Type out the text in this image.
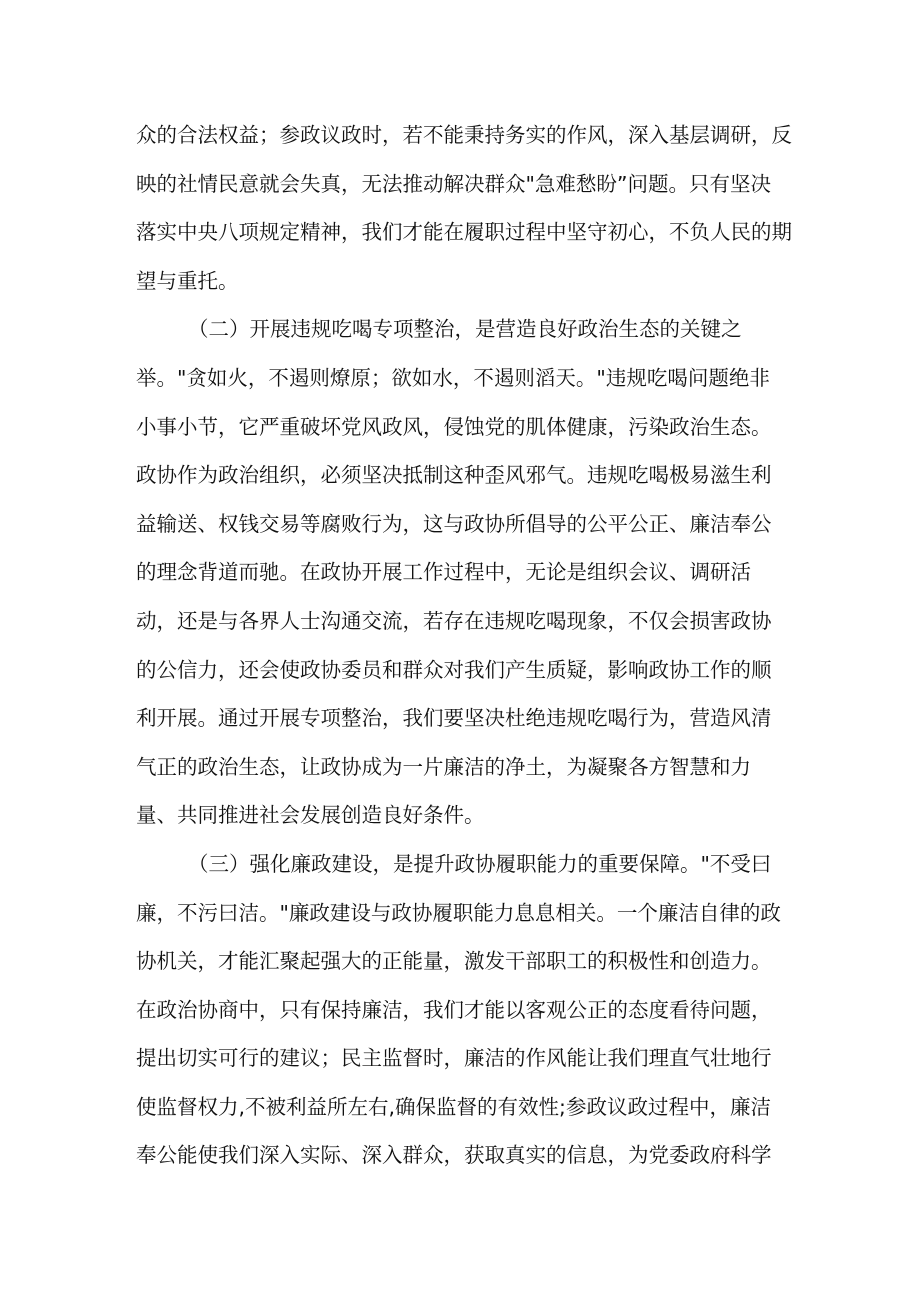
众的合法权益；参政议政时，若不能秉持务实的作风，深入基层调研，反
映的社情民意就会失真，无法推动解决群众"急难愁盼”问题。只有坚决
落实中央八项规定精神，我们才能在履职过程中坚守初心，不负人民的期
望与重托。
（二）开展违规吃喝专项整治，是营造良好政治生态的关键之
举。"贪如火，不遏则燎原；欲如水，不遏则滔天。"违规吃喝问题绝非
小事小节，它严重破坏党风政风，侵蚀党的肌体健康，污染政治生态。
政协作为政治组织，必须坚决抵制这种歪风邪气。违规吃喝极易滋生利
益输送、权钱交易等腐败行为，这与政协所倡导的公平公正、廉洁奉公
的理念背道而驰。在政协开展工作过程中，无论是组织会议、调研活
动，还是与各界人士沟通交流，若存在违规吃喝现象，不仅会损害政协
的公信力，还会使政协委员和群众对我们产生质疑，影响政协工作的顺
利开展。通过开展专项整治，我们要坚决杜绝违规吃喝行为，营造风清
气正的政治生态，让政协成为一片廉洁的净土，为凝聚各方智慧和力
量、共同推进社会发展创造良好条件。
（三）强化廉政建设，是提升政协履职能力的重要保障。"不受曰
廉，不污曰洁。"廉政建设与政协履职能力息息相关。一个廉洁自律的政
协机关，才能汇聚起强大的正能量，激发干部职工的积极性和创造力。
在政治协商中，只有保持廉洁，我们才能以客观公正的态度看待问题，
提出切实可行的建议；民主监督时，廉洁的作风能让我们理直气壮地行
使监督权力,不被利益所左右,确保监督的有效性;参政议政过程中，廉洁
奉公能使我们深入实际、深入群众，获取真实的信息，为党委政府科学
